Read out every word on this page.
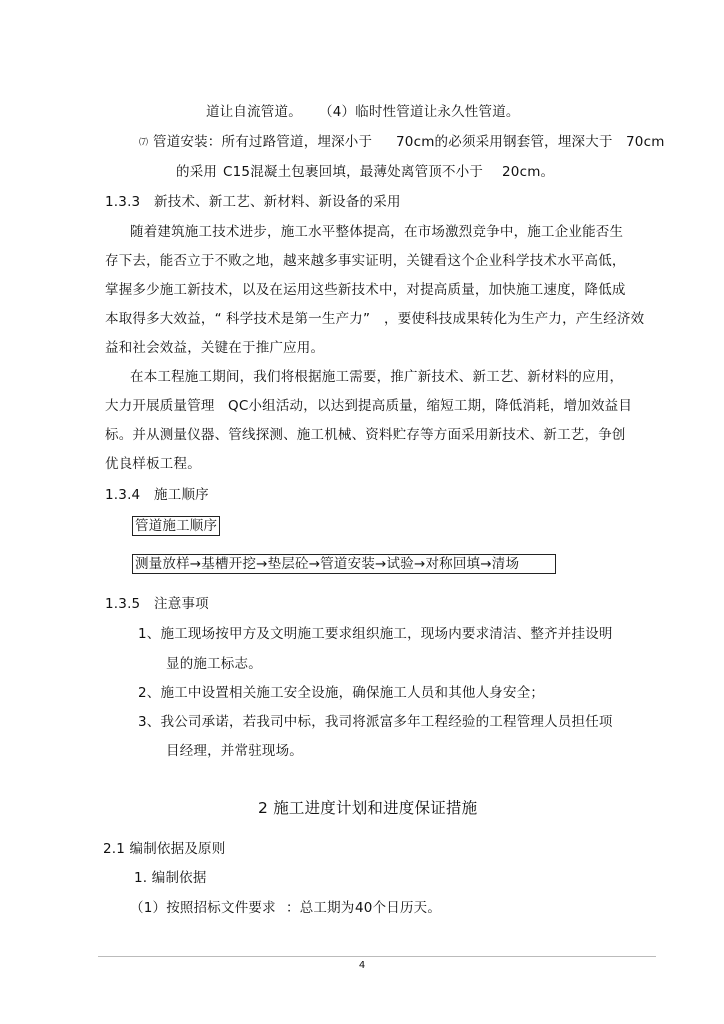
道让自流管道。 （4）临时性管道让永久性管道。
⑺ 管道安装：所有过路管道，埋深小于 70cm的必须采用钢套管，埋深大于 70cm
的采用 C15混凝土包裹回填，最薄处离管顶不小于 20cm。
1.3.3　新技术、新工艺、新材料、新设备的采用
随着建筑施工技术进步，施工水平整体提高，在市场激烈竞争中，施工企业能否生
存下去，能否立于不败之地，越来越多事实证明，关键看这个企业科学技术水平高低，
掌握多少施工新技术，以及在运用这些新技术中，对提高质量，加快施工速度，降低成
本取得多大效益，“ 科学技术是第一生产力” ，要使科技成果转化为生产力，产生经济效
益和社会效益，关键在于推广应用。
在本工程施工期间，我们将根据施工需要，推广新技术、新工艺、新材料的应用，
大力开展质量管理 QC小组活动，以达到提高质量，缩短工期，降低消耗，增加效益目
标。并从测量仪器、管线探测、施工机械、资料贮存等方面采用新技术、新工艺，争创
优良样板工程。
1.3.4　施工顺序
管道施工顺序
测量放样→基槽开挖→垫层砼→管道安装→试验→对称回填→清场
1.3.5　注意事项
1、施工现场按甲方及文明施工要求组织施工，现场内要求清洁、整齐并挂设明
显的施工标志。
2、施工中设置相关施工安全设施，确保施工人员和其他人身安全；
3、我公司承诺，若我司中标，我司将派富多年工程经验的工程管理人员担任项
目经理，并常驻现场。
2 施工进度计划和进度保证措施
2.1 编制依据及原则
1. 编制依据
（1）按照招标文件要求 ：总工期为 40个日历天。
4
